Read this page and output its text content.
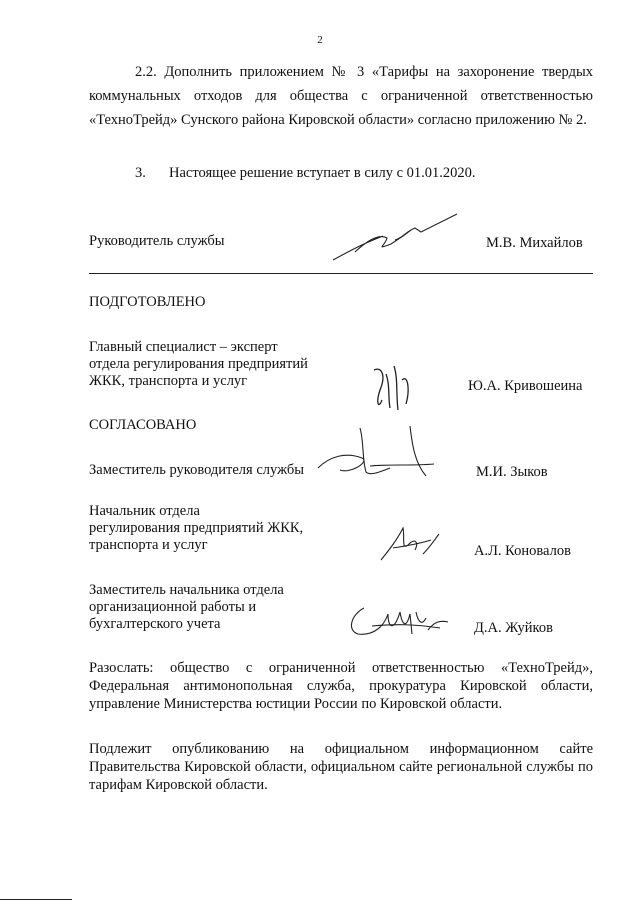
2
2.2. Дополнить приложением № 3 «Тарифы на захоронение твердых коммунальных отходов для общества с ограниченной ответственностью «ТехноТрейд» Сунского района Кировской области» согласно приложению № 2.
3. Настоящее решение вступает в силу с 01.01.2020.
Руководитель службы	М.В. Михайлов
ПОДГОТОВЛЕНО
Главный специалист – эксперт
отдела регулирования предприятий
ЖКК, транспорта и услуг	Ю.А. Кривошеина
СОГЛАСОВАНО
Заместитель руководителя службы	М.И. Зыков
Начальник отдела
регулирования предприятий ЖКК,
транспорта и услуг	А.Л. Коновалов
Заместитель начальника отдела
организационной работы и
бухгалтерского учета	Д.А. Жуйков
Разослать: общество с ограниченной ответственностью «ТехноТрейд», Федеральная антимонопольная служба, прокуратура Кировской области, управление Министерства юстиции России по Кировской области.
Подлежит опубликованию на официальном информационном сайте Правительства Кировской области, официальном сайте региональной службы по тарифам Кировской области.
